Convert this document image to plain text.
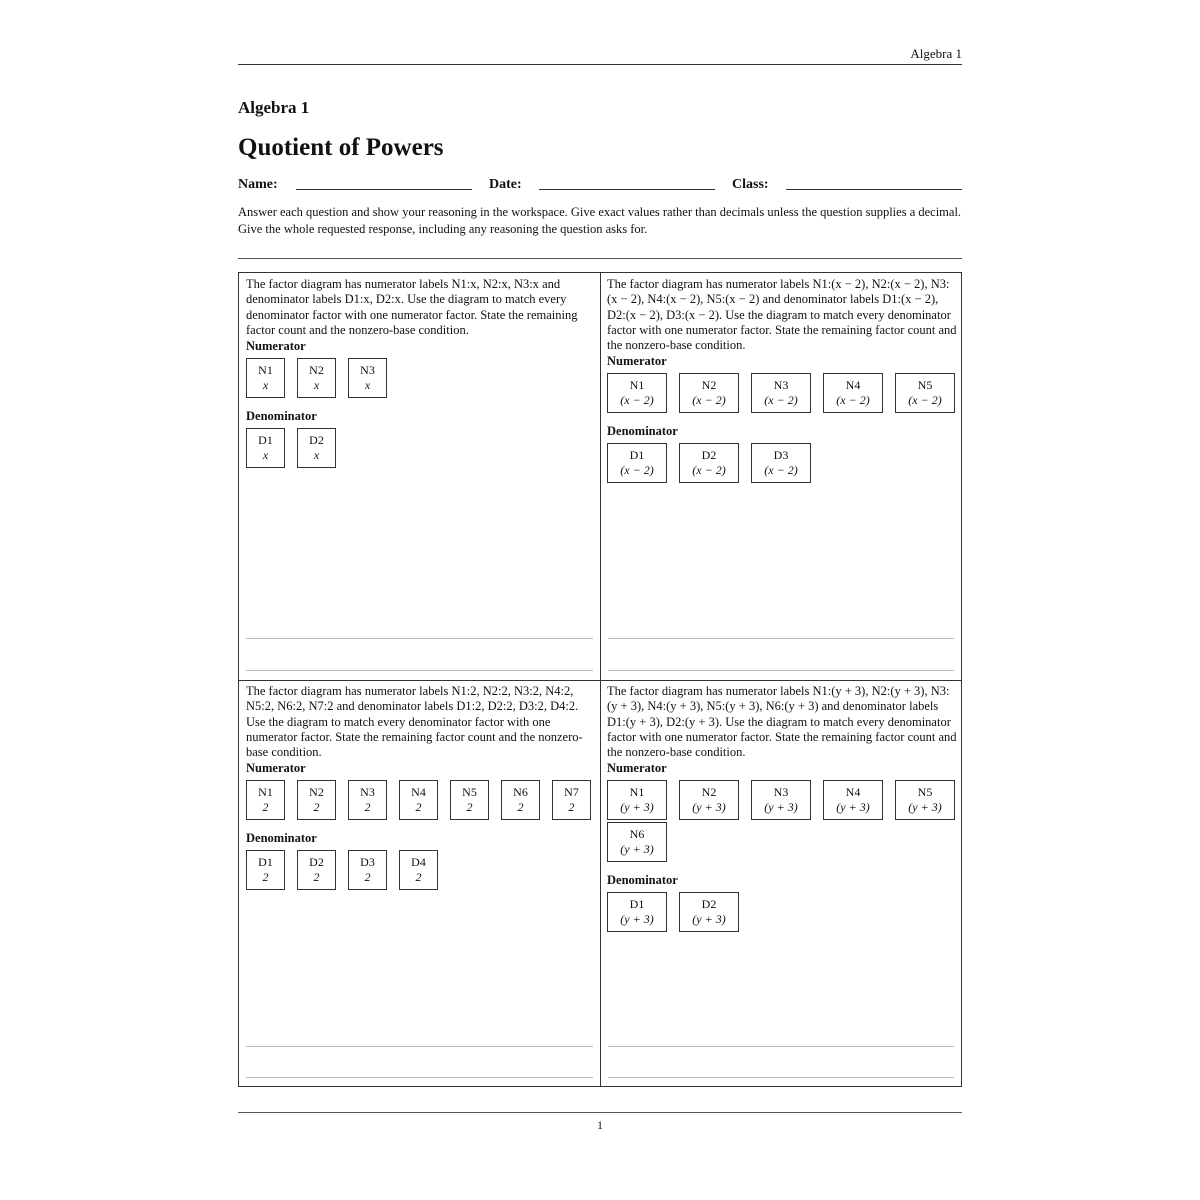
Algebra 1
Algebra 1
Quotient of Powers
Name:	Date:	Class:
Answer each question and show your reasoning in the workspace. Give exact values rather than decimals unless the question supplies a decimal. Give the whole requested response, including any reasoning the question asks for.
The factor diagram has numerator labels N1:x, N2:x, N3:x and denominator labels D1:x, D2:x. Use the diagram to match every denominator factor with one numerator factor. State the remaining factor count and the nonzero-base condition.
Numerator
N1
x
N2
x
N3
x
Denominator
D1
x
D2
x
The factor diagram has numerator labels N1:(x − 2), N2:(x − 2), N3:(x − 2), N4:(x − 2), N5:(x − 2) and denominator labels D1:(x − 2), D2:(x − 2), D3:(x − 2). Use the diagram to match every denominator factor with one numerator factor. State the remaining factor count and the nonzero-base condition.
Numerator
N1
(x − 2)
N2
(x − 2)
N3
(x − 2)
N4
(x − 2)
N5
(x − 2)
Denominator
D1
(x − 2)
D2
(x − 2)
D3
(x − 2)
The factor diagram has numerator labels N1:2, N2:2, N3:2, N4:2, N5:2, N6:2, N7:2 and denominator labels D1:2, D2:2, D3:2, D4:2. Use the diagram to match every denominator factor with one numerator factor. State the remaining factor count and the nonzero-base condition.
Numerator
N1
2
N2
2
N3
2
N4
2
N5
2
N6
2
N7
2
Denominator
D1
2
D2
2
D3
2
D4
2
The factor diagram has numerator labels N1:(y + 3), N2:(y + 3), N3:(y + 3), N4:(y + 3), N5:(y + 3), N6:(y + 3) and denominator labels D1:(y + 3), D2:(y + 3). Use the diagram to match every denominator factor with one numerator factor. State the remaining factor count and the nonzero-base condition.
Numerator
N1
(y + 3)
N2
(y + 3)
N3
(y + 3)
N4
(y + 3)
N5
(y + 3)
N6
(y + 3)
Denominator
D1
(y + 3)
D2
(y + 3)
1
